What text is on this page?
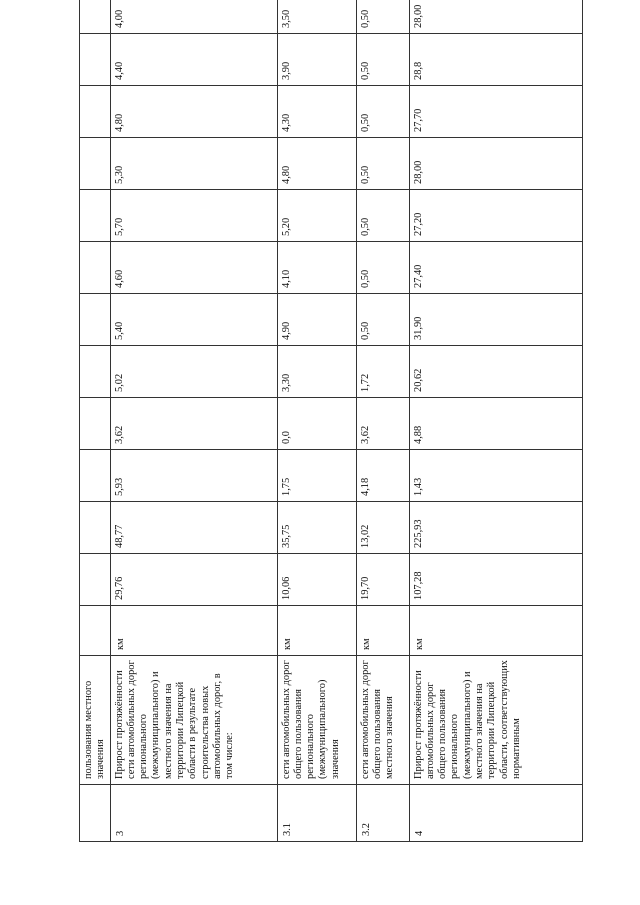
	пользования местного значения													
3	Прирост протяжённости сети автомобильных дорог регионального (межмуниципального) и местного значения на территории Липецкой области в результате строительства новых автомобильных дорог, в том числе:	км	29,76	48,77	5,93	3,62	5,02	5,40	4,60	5,70	5,30	4,80	4,40	4,00
3.1	сети автомобильных дорог общего пользования регионального (межмуниципального) значения	км	10,06	35,75	1,75	0,0	3,30	4,90	4,10	5,20	4,80	4,30	3,90	3,50
3.2	сети автомобильных дорог общего пользования местного значения	км	19,70	13,02	4,18	3,62	1,72	0,50	0,50	0,50	0,50	0,50	0,50	0,50
4	Прирост протяжённости автомобильных дорог общего пользования регионального (межмуниципального) и местного значения на территории Липецкой области, соответствующих нормативным	км	107,28	225,93	1,43	4,88	20,62	31,90	27,40	27,20	28,00	27,70	28,8	28,00
